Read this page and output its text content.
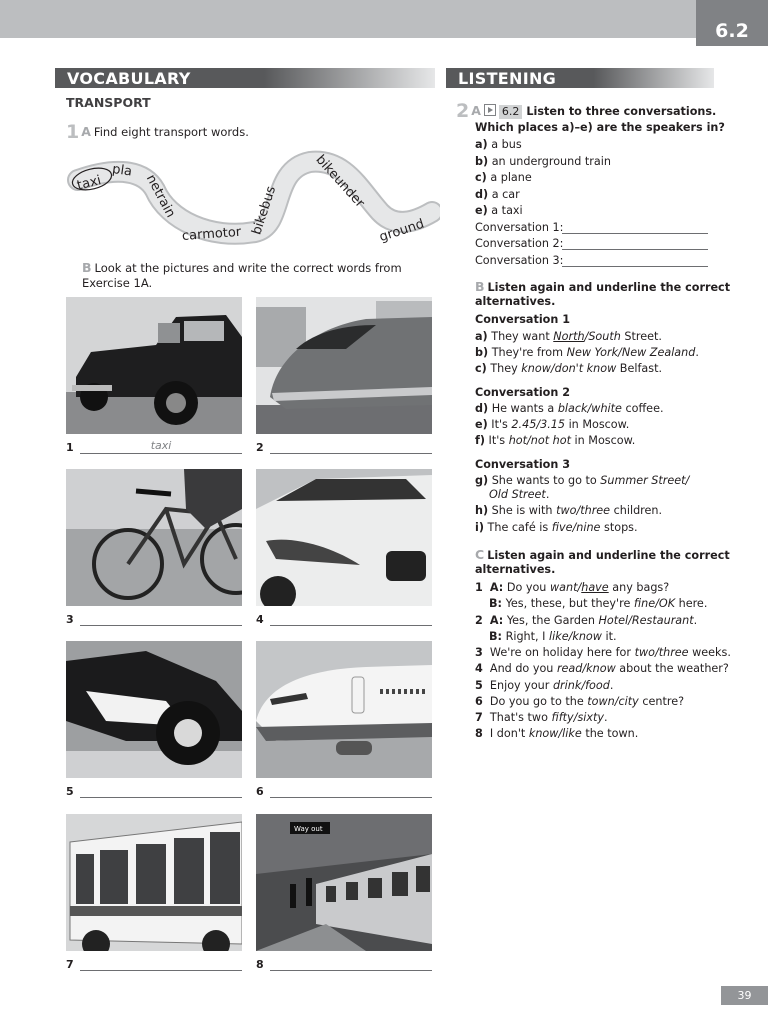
6.2
VOCABULARY
TRANSPORT
1 A Find eight transport words.
taxi
pla
netrain
carmotor bikebus	bikeunder
ground
B Look at the pictures and write the correct words from
Exercise 1A.
1	taxi	2
3	4
5	6
Way out
7	8
LISTENING
2 A 6.2 Listen to three conversations.
Which places a)–e) are the speakers in?
a) a bus
b) an underground train
c) a plane
d) a car
e) a taxi
Conversation 1:
Conversation 2:
Conversation 3:
B Listen again and underline the correct
alternatives.
Conversation 1
a) They want North/South Street.
b) They're from New York/New Zealand.
c) They know/don't know Belfast.
Conversation 2
d) He wants a black/white coffee.
e) It's 2.45/3.15 in Moscow.
f) It's hot/not hot in Moscow.
Conversation 3
g) She wants to go to Summer Street/
Old Street.
h) She is with two/three children.
i) The café is five/nine stops.
C Listen again and underline the correct
alternatives.
1 A: Do you want/have any bags?
B: Yes, these, but they're fine/OK here.
2 A: Yes, the Garden Hotel/Restaurant.
B: Right, I like/know it.
3 We're on holiday here for two/three weeks.
4 And do you read/know about the weather?
5 Enjoy your drink/food.
6 Do you go to the town/city centre?
7 That's two fifty/sixty.
8 I don't know/like the town.
39
